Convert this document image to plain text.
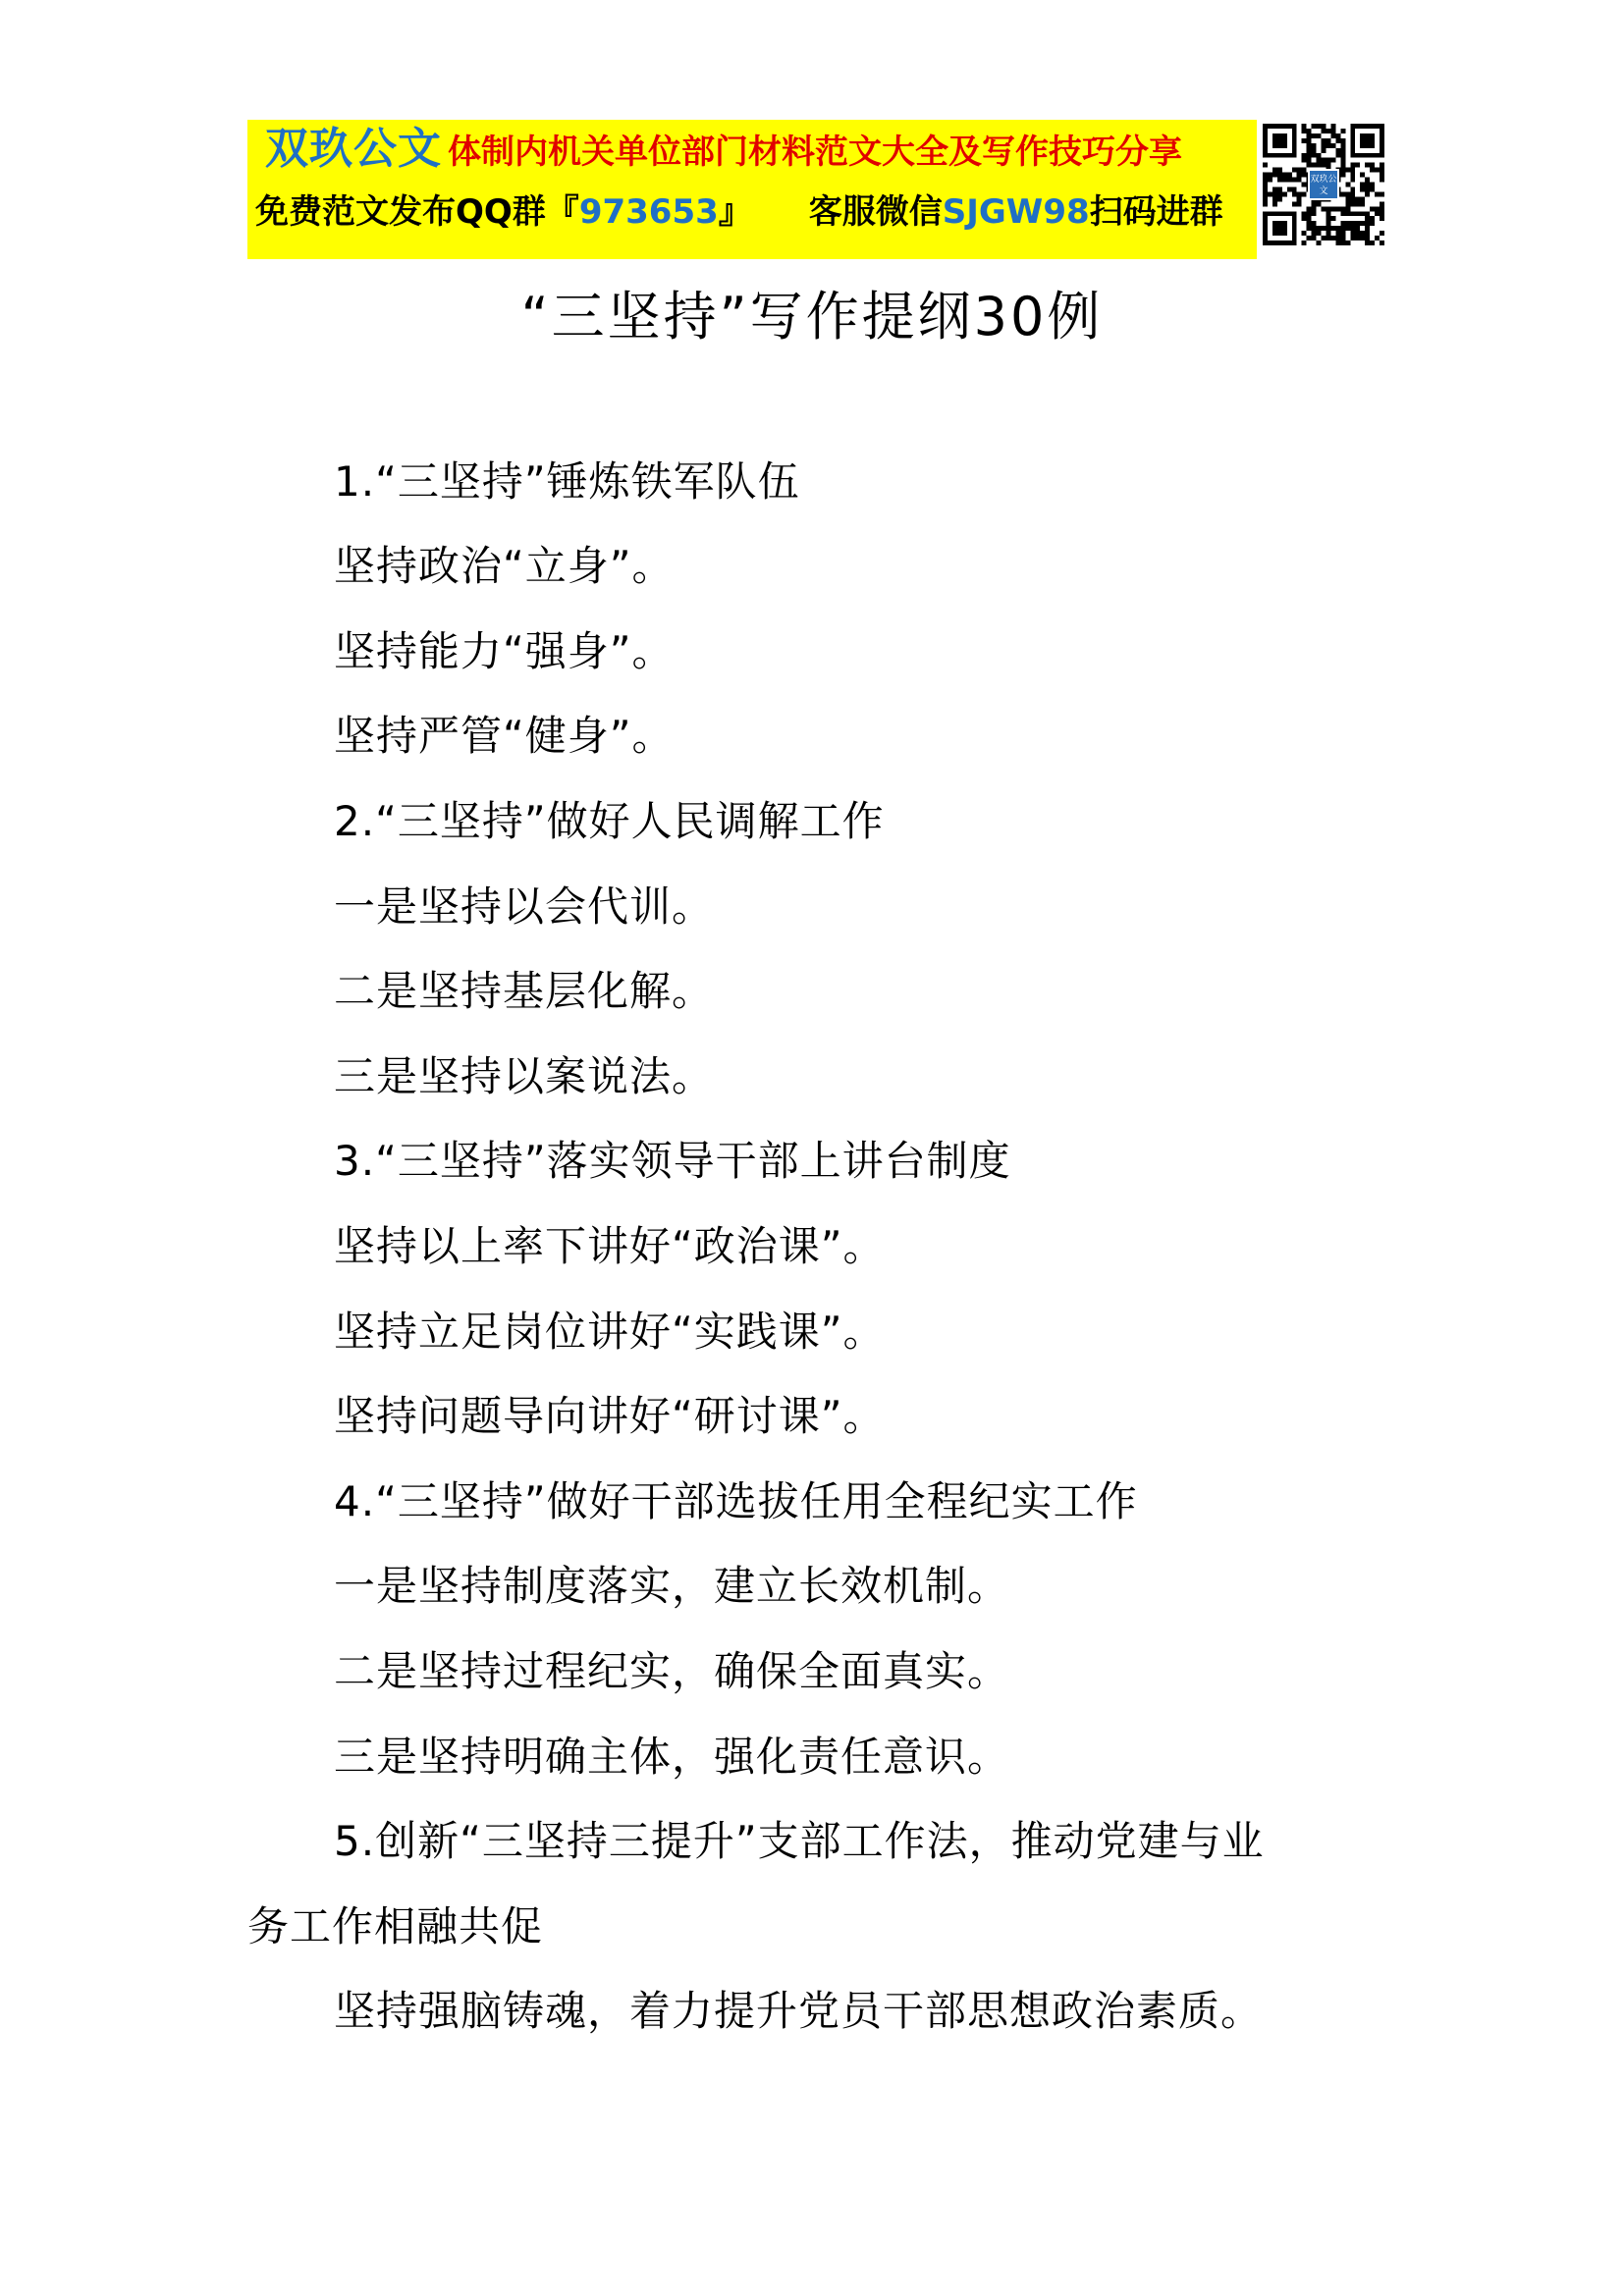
双玖公文 体制内机关单位部门材料范文大全及写作技巧分享
免费范文发布QQ群『973653』 客服微信SJGW98扫码进群
双玖公文
“三坚持”写作提纲30例
1.“三坚持”锤炼铁军队伍
坚持政治“立身”。
坚持能力“强身”。
坚持严管“健身”。
2.“三坚持”做好人民调解工作
一是坚持以会代训。
二是坚持基层化解。
三是坚持以案说法。
3.“三坚持”落实领导干部上讲台制度
坚持以上率下讲好“政治课”。
坚持立足岗位讲好“实践课”。
坚持问题导向讲好“研讨课”。
4.“三坚持”做好干部选拔任用全程纪实工作
一是坚持制度落实，建立长效机制。
二是坚持过程纪实，确保全面真实。
三是坚持明确主体，强化责任意识。
5.创新“三坚持三提升”支部工作法，推动党建与业
务工作相融共促
坚持强脑铸魂，着力提升党员干部思想政治素质。
